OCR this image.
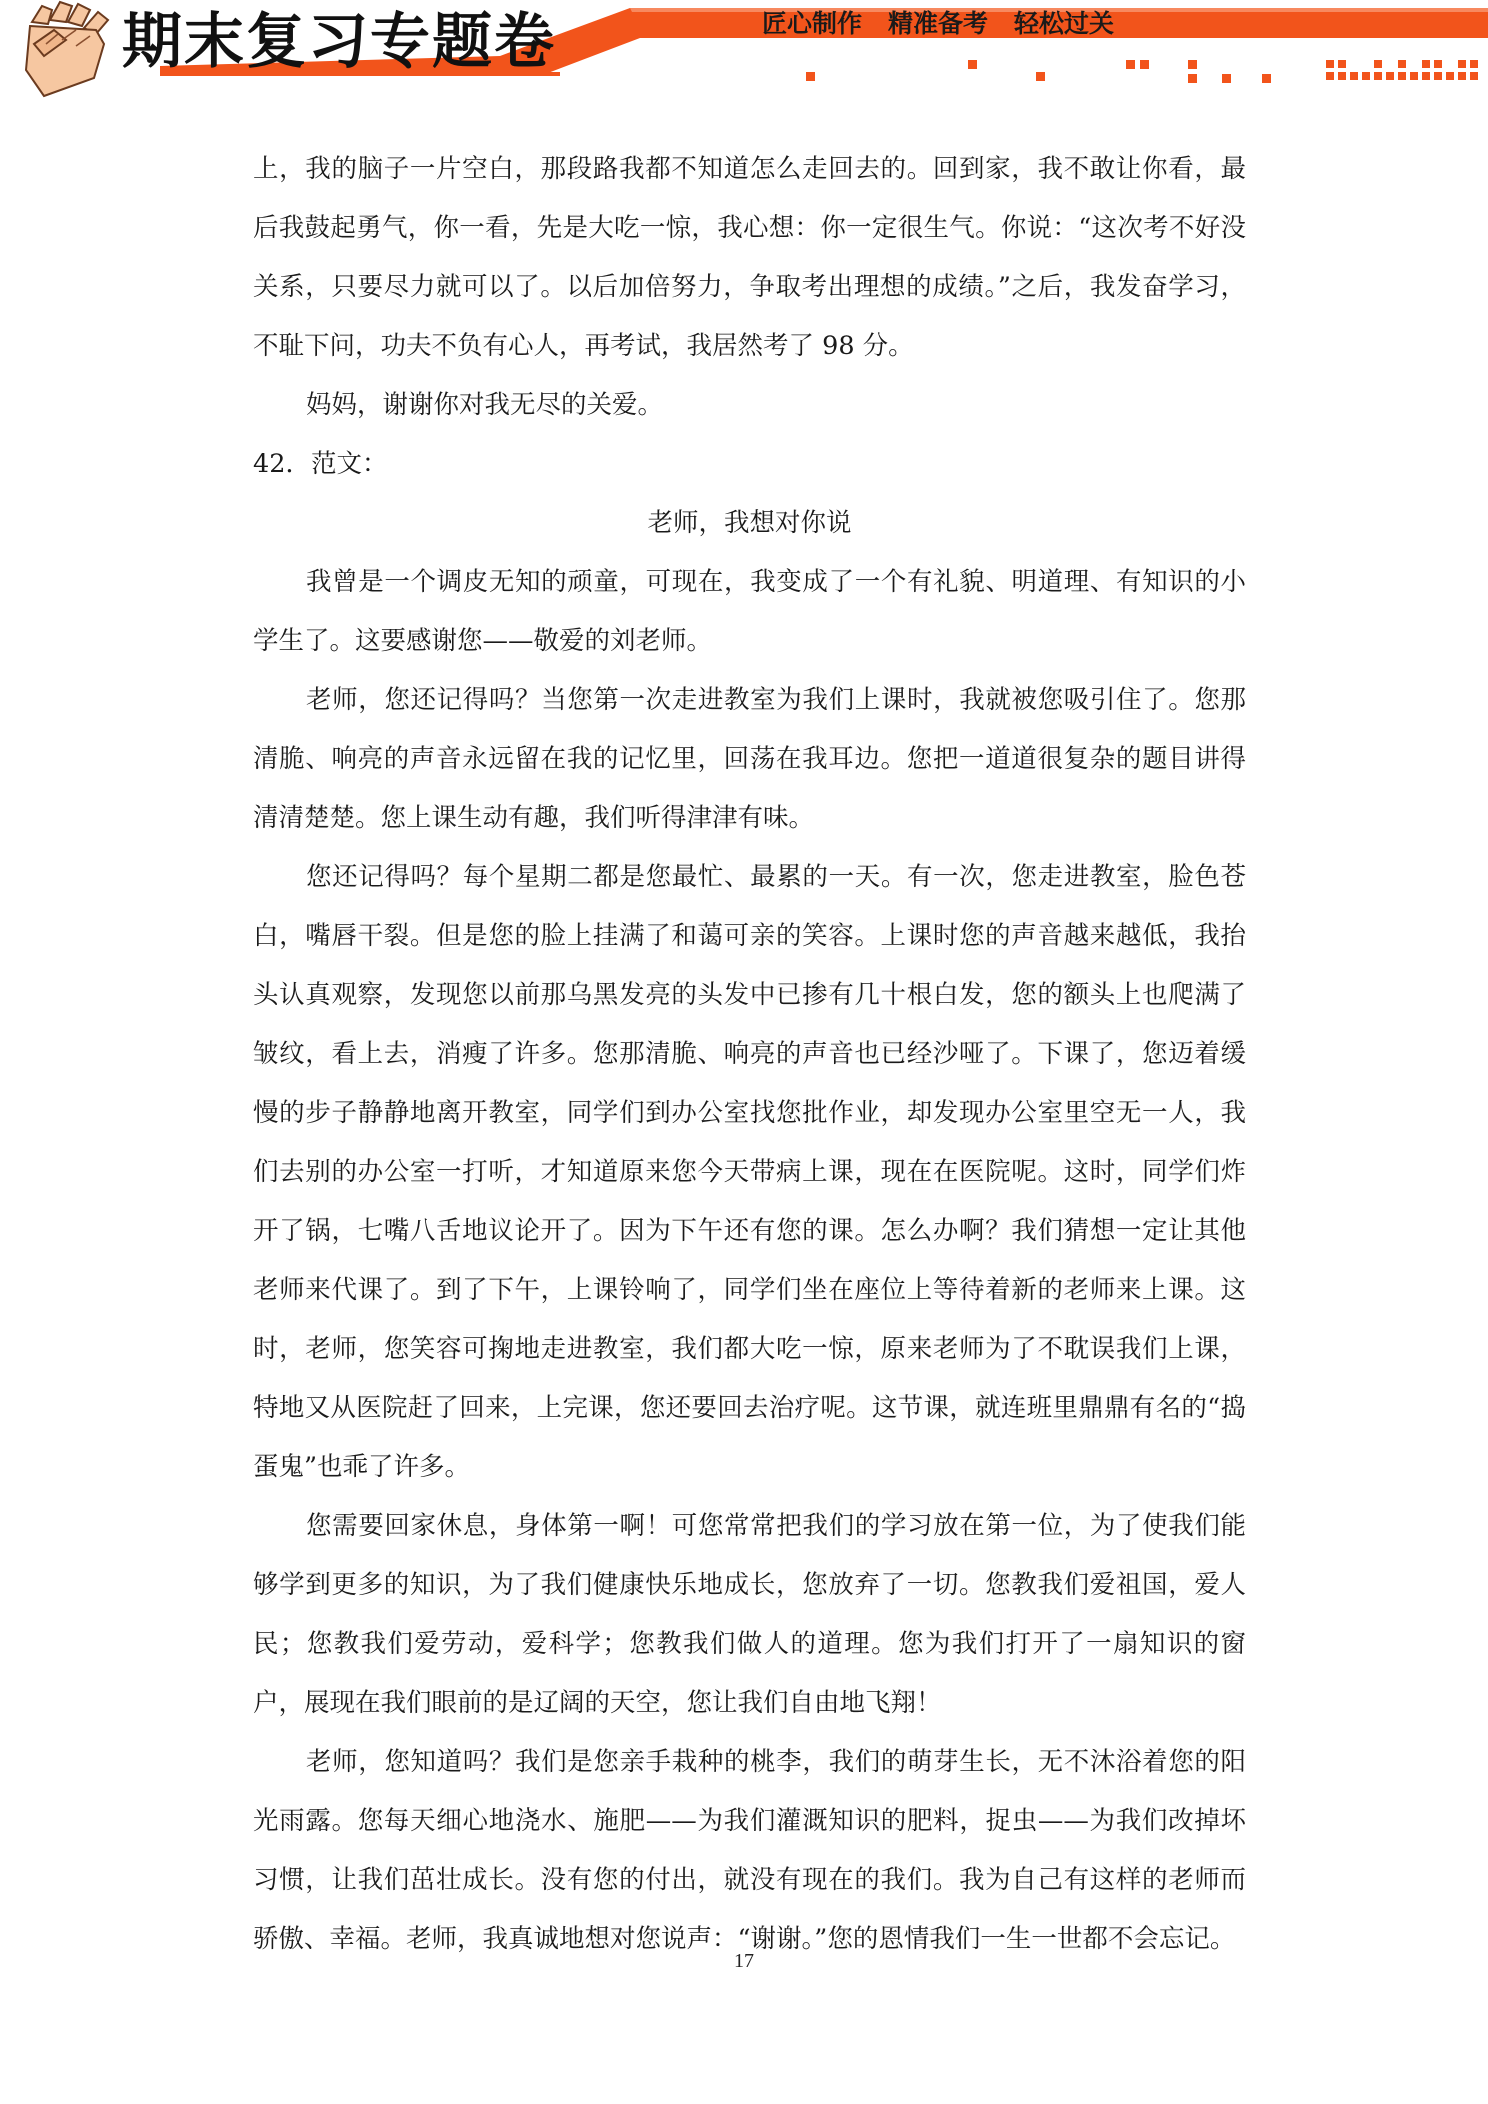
期末复习专题卷	匠心制作 精准备考 轻松过关

上，我的脑子一片空白，那段路我都不知道怎么走回去的。回到家，我不敢让你看，最后我鼓起勇气，你一看，先是大吃一惊，我心想：你一定很生气。你说：“这次考不好没关系，只要尽力就可以了。以后加倍努力，争取考出理想的成绩。”之后，我发奋学习，不耻下问，功夫不负有心人，再考试，我居然考了 98 分。

妈妈，谢谢你对我无尽的关爱。

42．范文：

老师，我想对你说

我曾是一个调皮无知的顽童，可现在，我变成了一个有礼貌、明道理、有知识的小学生了。这要感谢您——敬爱的刘老师。

老师，您还记得吗？当您第一次走进教室为我们上课时，我就被您吸引住了。您那清脆、响亮的声音永远留在我的记忆里，回荡在我耳边。您把一道道很复杂的题目讲得清清楚楚。您上课生动有趣，我们听得津津有味。

您还记得吗？每个星期二都是您最忙、最累的一天。有一次，您走进教室，脸色苍白，嘴唇干裂。但是您的脸上挂满了和蔼可亲的笑容。上课时您的声音越来越低，我抬头认真观察，发现您以前那乌黑发亮的头发中已掺有几十根白发，您的额头上也爬满了皱纹，看上去，消瘦了许多。您那清脆、响亮的声音也已经沙哑了。下课了，您迈着缓慢的步子静静地离开教室，同学们到办公室找您批作业，却发现办公室里空无一人，我们去别的办公室一打听，才知道原来您今天带病上课，现在在医院呢。这时，同学们炸开了锅，七嘴八舌地议论开了。因为下午还有您的课。怎么办啊？我们猜想一定让其他老师来代课了。到了下午，上课铃响了，同学们坐在座位上等待着新的老师来上课。这时，老师，您笑容可掬地走进教室，我们都大吃一惊，原来老师为了不耽误我们上课，特地又从医院赶了回来，上完课，您还要回去治疗呢。这节课，就连班里鼎鼎有名的“捣蛋鬼”也乖了许多。

您需要回家休息，身体第一啊！可您常常把我们的学习放在第一位，为了使我们能够学到更多的知识，为了我们健康快乐地成长，您放弃了一切。您教我们爱祖国，爱人民；您教我们爱劳动，爱科学；您教我们做人的道理。您为我们打开了一扇知识的窗户，展现在我们眼前的是辽阔的天空，您让我们自由地飞翔！

老师，您知道吗？我们是您亲手栽种的桃李，我们的萌芽生长，无不沐浴着您的阳光雨露。您每天细心地浇水、施肥——为我们灌溉知识的肥料，捉虫——为我们改掉坏习惯，让我们茁壮成长。没有您的付出，就没有现在的我们。我为自己有这样的老师而骄傲、幸福。老师，我真诚地想对您说声：“谢谢。”您的恩情我们一生一世都不会忘记。

17
